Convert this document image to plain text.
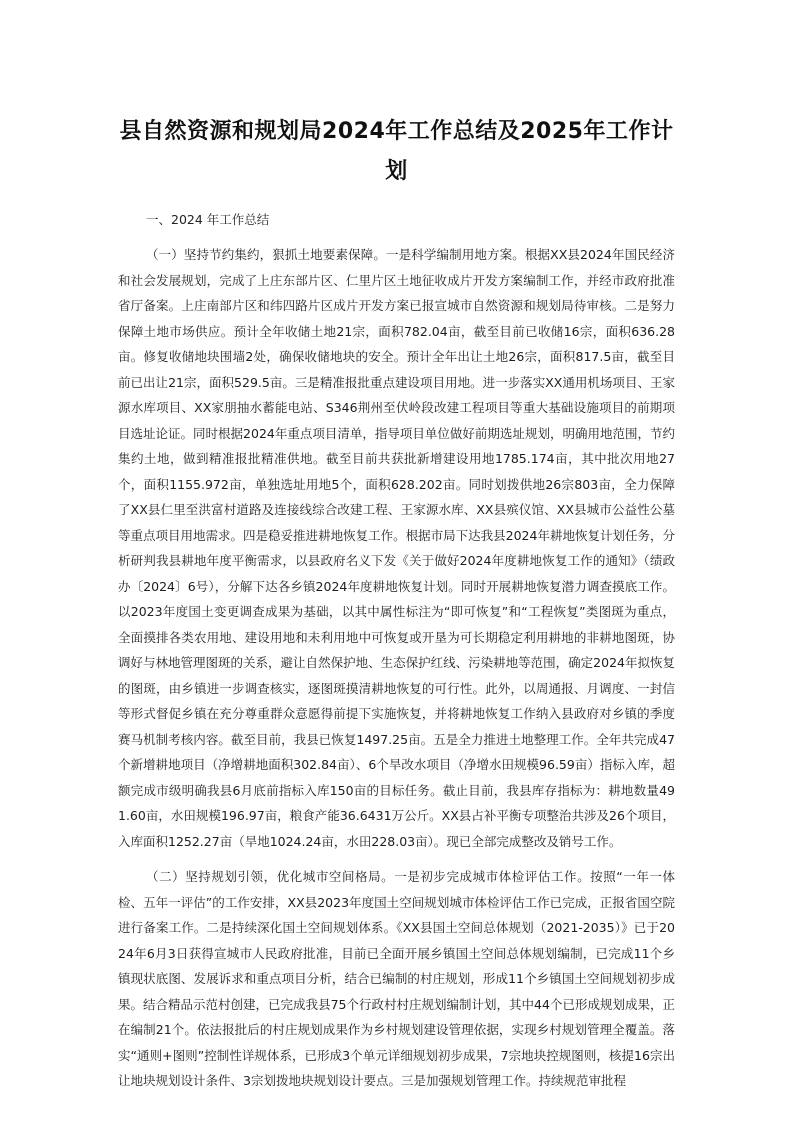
县自然资源和规划局2024年工作总结及2025年工作计划

一、2024 年工作总结

（一）坚持节约集约，狠抓土地要素保障。一是科学编制用地方案。根据XX县2024年国民经济和社会发展规划，完成了上庄东部片区、仁里片区土地征收成片开发方案编制工作，并经市政府批准省厅备案。上庄南部片区和纬四路片区成片开发方案已报宣城市自然资源和规划局待审核。二是努力保障土地市场供应。预计全年收储土地21宗，面积782.04亩，截至目前已收储16宗，面积636.28亩。修复收储地块围墙2处，确保收储地块的安全。预计全年出让土地26宗，面积817.5亩，截至目前已出让21宗，面积529.5亩。三是精准报批重点建设项目用地。进一步落实XX通用机场项目、王家源水库项目、XX家朋抽水蓄能电站、S346荆州至伏岭段改建工程项目等重大基础设施项目的前期项目选址论证。同时根据2024年重点项目清单，指导项目单位做好前期选址规划，明确用地范围，节约集约土地，做到精准报批精准供地。截至目前共获批新增建设用地1785.174亩，其中批次用地27个，面积1155.972亩，单独选址用地5个，面积628.202亩。同时划拨供地26宗803亩，全力保障了XX县仁里至洪富村道路及连接线综合改建工程、王家源水库、XX县殡仪馆、XX县城市公益性公墓等重点项目用地需求。四是稳妥推进耕地恢复工作。根据市局下达我县2024年耕地恢复计划任务，分析研判我县耕地年度平衡需求，以县政府名义下发《关于做好2024年度耕地恢复工作的通知》（绩政办〔2024〕6号），分解下达各乡镇2024年度耕地恢复计划。同时开展耕地恢复潜力调查摸底工作。以2023年度国土变更调查成果为基础，以其中属性标注为“即可恢复”和“工程恢复”类图斑为重点，全面摸排各类农用地、建设用地和未利用地中可恢复或开垦为可长期稳定利用耕地的非耕地图斑，协调好与林地管理图斑的关系，避让自然保护地、生态保护红线、污染耕地等范围，确定2024年拟恢复的图斑，由乡镇进一步调查核实，逐图斑摸清耕地恢复的可行性。此外，以周通报、月调度、一封信等形式督促乡镇在充分尊重群众意愿得前提下实施恢复，并将耕地恢复工作纳入县政府对乡镇的季度赛马机制考核内容。截至目前，我县已恢复1497.25亩。五是全力推进土地整理工作。全年共完成47个新增耕地项目（净增耕地面积302.84亩）、6个旱改水项目（净增水田规模96.59亩）指标入库，超额完成市级明确我县6月底前指标入库150亩的目标任务。截止目前，我县库存指标为：耕地数量491.60亩，水田规模196.97亩，粮食产能36.6431万公斤。XX县占补平衡专项整治共涉及26个项目，入库面积1252.27亩（旱地1024.24亩，水田228.03亩）。现已全部完成整改及销号工作。

（二）坚持规划引领，优化城市空间格局。一是初步完成城市体检评估工作。按照“一年一体检、五年一评估”的工作安排，XX县2023年度国土空间规划城市体检评估工作已完成，正报省国空院进行备案工作。二是持续深化国土空间规划体系。《XX县国土空间总体规划（2021-2035）》已于2024年6月3日获得宣城市人民政府批准，目前已全面开展乡镇国土空间总体规划编制，已完成11个乡镇现状底图、发展诉求和重点项目分析，结合已编制的村庄规划，形成11个乡镇国土空间规划初步成果。结合精品示范村创建，已完成我县75个行政村村庄规划编制计划，其中44个已形成规划成果，正在编制21个。依法报批后的村庄规划成果作为乡村规划建设管理依据，实现乡村规划管理全覆盖。落实“通则+图则”控制性详规体系，已形成3个单元详细规划初步成果，7宗地块控规图则，核提16宗出让地块规划设计条件、3宗划拨地块规划设计要点。三是加强规划管理工作。持续规范审批程
